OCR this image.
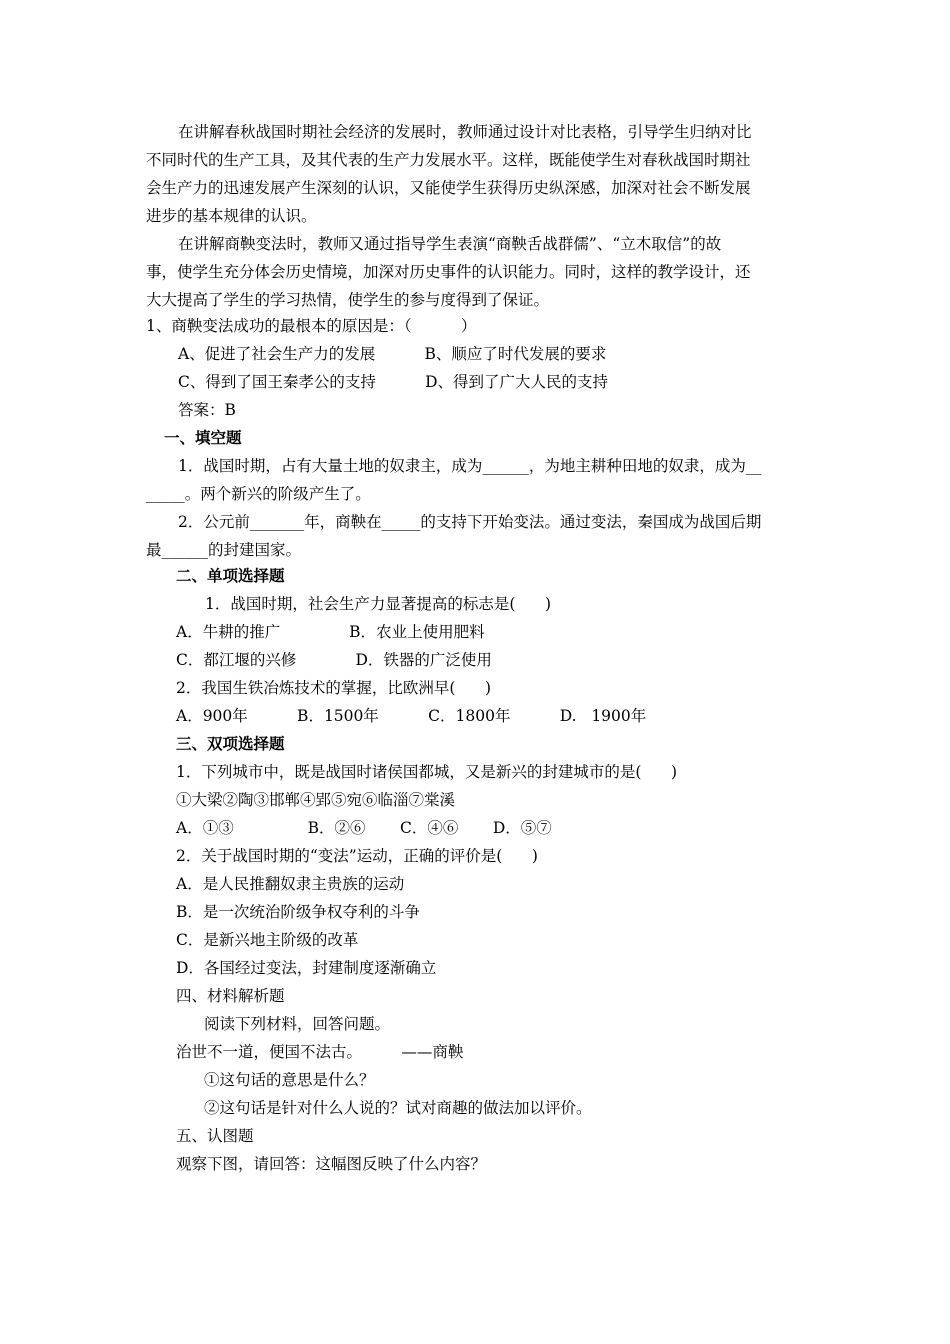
在讲解春秋战国时期社会经济的发展时，教师通过设计对比表格，引导学生归纳对比
不同时代的生产工具，及其代表的生产力发展水平。这样，既能使学生对春秋战国时期社
会生产力的迅速发展产生深刻的认识，又能使学生获得历史纵深感，加深对社会不断发展
进步的基本规律的认识。
在讲解商鞅变法时，教师又通过指导学生表演“商鞅舌战群儒”、“立木取信”的故
事，使学生充分体会历史情境，加深对历史事件的认识能力。同时，这样的教学设计，还
大大提高了学生的学习热情，使学生的参与度得到了保证。
1、商鞅变法成功的最根本的原因是：（          ）
A、促进了社会生产力的发展          B、顺应了时代发展的要求
C、得到了国王秦孝公的支持          D、得到了广大人民的支持
答案：B
一、填空题
1．战国时期，占有大量土地的奴隶主，成为______，为地主耕种田地的奴隶，成为__
_____。两个新兴的阶级产生了。
2．公元前_______年，商鞅在_____的支持下开始变法。通过变法，秦国成为战国后期
最______的封建国家。
二、单项选择题
1．战国时期，社会生产力显著提高的标志是(      )
A．牛耕的推广              B．农业上使用肥料
C．都江堰的兴修            D．铁器的广泛使用
2．我国生铁冶炼技术的掌握，比欧洲早(      )
A．900年          B．1500年          C．1800年          D.   1900年
三、双项选择题
1．下列城市中，既是战国时诸侯国都城，又是新兴的封建城市的是(      )
①大梁②陶③邯郸④郢⑤宛⑥临淄⑦棠溪
A．①③               B．②⑥       C．④⑥       D．⑤⑦
2．关于战国时期的“变法”运动，正确的评价是(      )
A．是人民推翻奴隶主贵族的运动
B．是一次统治阶级争权夺利的斗争
C．是新兴地主阶级的改革
D．各国经过变法，封建制度逐渐确立
四、材料解析题
阅读下列材料，回答问题。
治世不一道，便国不法古。        ——商鞅
①这句话的意思是什么？
②这句话是针对什么人说的？试对商趣的做法加以评价。
五、认图题
观察下图，请回答：这幅图反映了什么内容？
